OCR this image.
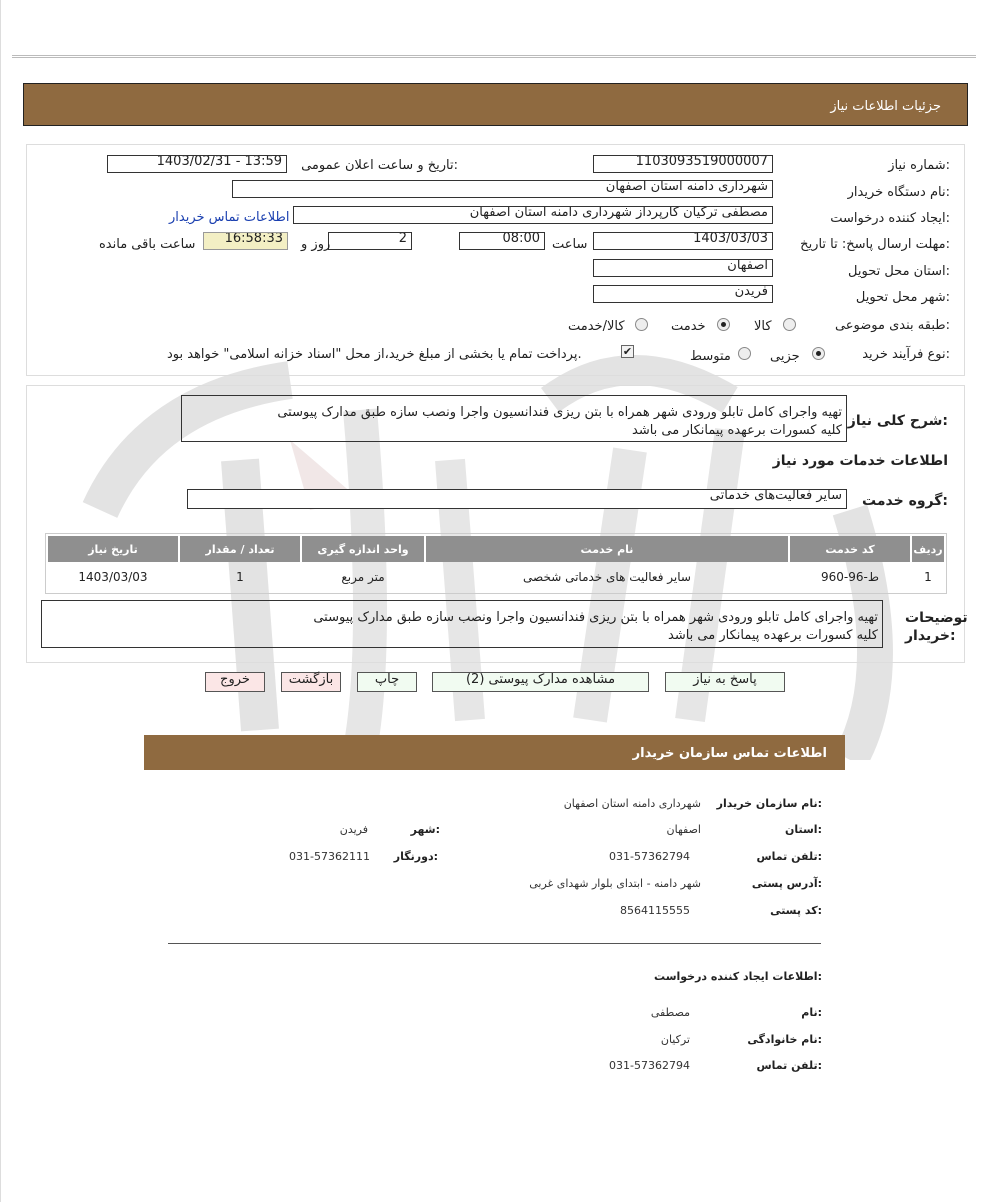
جزئیات اطلاعات نیاز
شماره نیاز:
1103093519000007
تاریخ و ساعت اعلان عمومی:
1403/02/31 - 13:59
نام دستگاه خریدار:
شهرداری دامنه استان اصفهان
ایجاد کننده درخواست:
مصطفی ترکیان کارپرداز شهرداری دامنه استان اصفهان
اطلاعات تماس خریدار
مهلت ارسال پاسخ: تا تاریخ:
1403/03/03
ساعت
08:00
2
روز و
16:58:33
ساعت باقی مانده
استان محل تحویل:
اصفهان
شهر محل تحویل:
فریدن
طبقه بندی موضوعی:
کالا
خدمت
کالا/خدمت
نوع فرآیند خرید:
جزیی
متوسط
✔
پرداخت تمام یا بخشی از مبلغ خرید،از محل "اسناد خزانه اسلامی" خواهد بود.
شرح کلی نیاز:
تهیه واجرای کامل تابلو ورودی شهر همراه با بتن ریزی فندانسیون واجرا ونصب سازه طبق مدارک پیوستی
کلیه کسورات برعهده پیمانکار می باشد
اطلاعات خدمات مورد نیاز
گروه خدمت:
سایر فعالیت‌های خدماتی
ردیف	کد خدمت	نام خدمت	واحد اندازه گیری	تعداد / مقدار	تاریخ نیاز
1	ط-96-960	سایر فعالیت های خدماتی شخصی	متر مربع	1	1403/03/03
توضیحات خریدار:
تهیه واجرای کامل تابلو ورودی شهر همراه با بتن ریزی فندانسیون واجرا ونصب سازه طبق مدارک پیوستی
کلیه کسورات برعهده پیمانکار می باشد
پاسخ به نیاز
مشاهده مدارک پیوستی (2)
چاپ
بازگشت
خروج
اطلاعات تماس سازمان خریدار
نام سازمان خریدار:
شهرداری دامنه استان اصفهان
استان:
اصفهان
شهر:
فریدن
تلفن تماس:
031-57362794
دورنگار:
031-57362111
آدرس پستی:
شهر دامنه - ابتدای بلوار شهدای غربی
کد پستی:
8564115555
اطلاعات ایجاد کننده درخواست:
نام:
مصطفی
نام خانوادگی:
ترکیان
تلفن تماس:
031-57362794
